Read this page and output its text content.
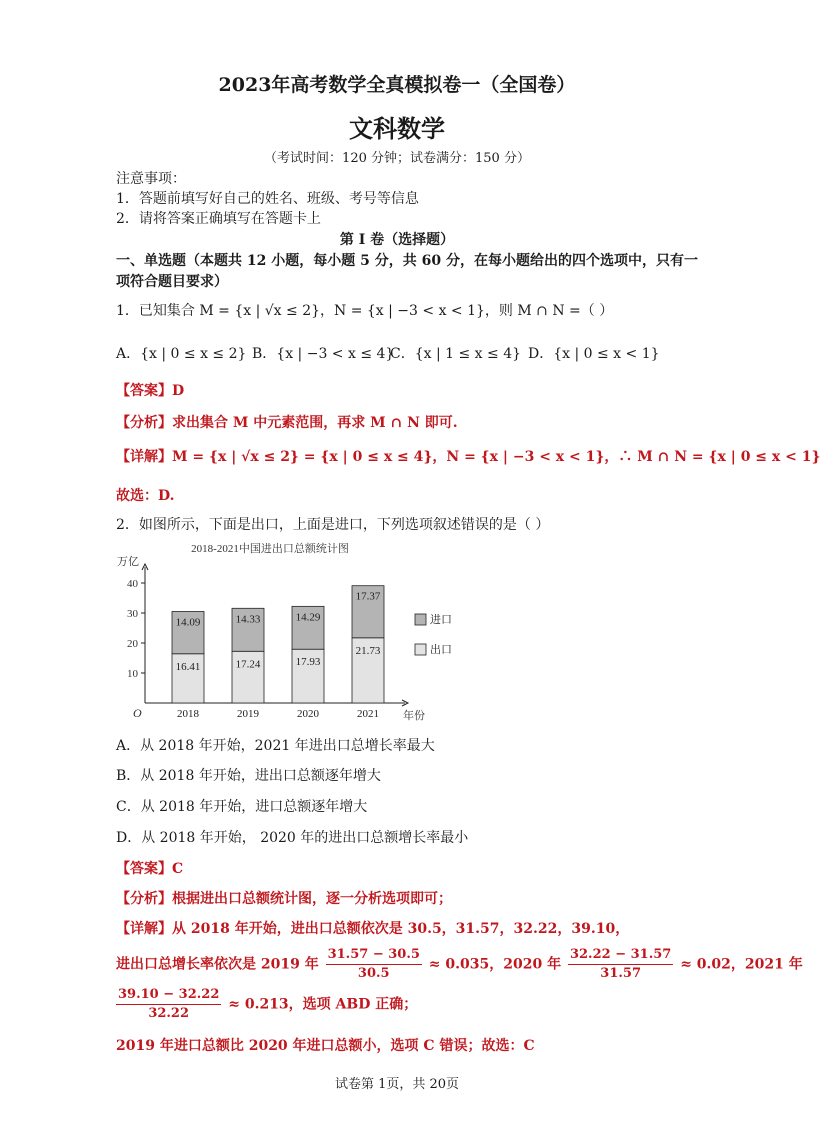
2023年高考数学全真模拟卷一（全国卷）
文科数学
（考试时间：120 分钟；试卷满分：150 分）
注意事项：
1．答题前填写好自己的姓名、班级、考号等信息
2．请将答案正确填写在答题卡上
第 I 卷（选择题）
一、单选题（本题共 12 小题，每小题 5 分，共 60 分，在每小题给出的四个选项中，只有一
项符合题目要求）
1．已知集合 M = {x | √x ≤ 2}，N = {x | −3 < x < 1}，则 M ∩ N =（ ）
A．{x | 0 ≤ x ≤ 2} B．{x | −3 < x ≤ 4}
C．{x | 1 ≤ x ≤ 4} D．{x | 0 ≤ x < 1}
【答案】D
【分析】求出集合 M 中元素范围，再求 M ∩ N 即可.
【详解】M = {x | √x ≤ 2} = {x | 0 ≤ x ≤ 4}，N = {x | −3 < x < 1}，∴ M ∩ N = {x | 0 ≤ x < 1}
故选：D.
2．如图所示，下面是出口，上面是进口，下列选项叙述错误的是（ ）
2018-2021中国进出口总额统计图
万亿
O	年份
10
20
30
40
16.41
14.09
2018
17.24
14.33
2019
17.93
14.29
2020
21.73
17.37
2021
进口
出口
A．从 2018 年开始，2021 年进出口总增长率最大
B．从 2018 年开始，进出口总额逐年增大
C．从 2018 年开始，进口总额逐年增大
D．从 2018 年开始， 2020 年的进出口总额增长率最小
【答案】C
【分析】根据进出口总额统计图，逐一分析选项即可；
【详解】从 2018 年开始，进出口总额依次是 30.5，31.57，32.22，39.10，
进出口总增长率依次是 2019 年 $\frac{31.57 - 30.5}{30.5} \approx 0.035$，2020 年 $\frac{32.22 - 31.57}{31.57} \approx 0.02$，2021 年
$\frac{39.10 - 32.22}{32.22} \approx 0.213$，选项 ABD 正确；
2019 年进口总额比 2020 年进口总额小，选项 C 错误；故选：C
试卷第 1页，共 20页
